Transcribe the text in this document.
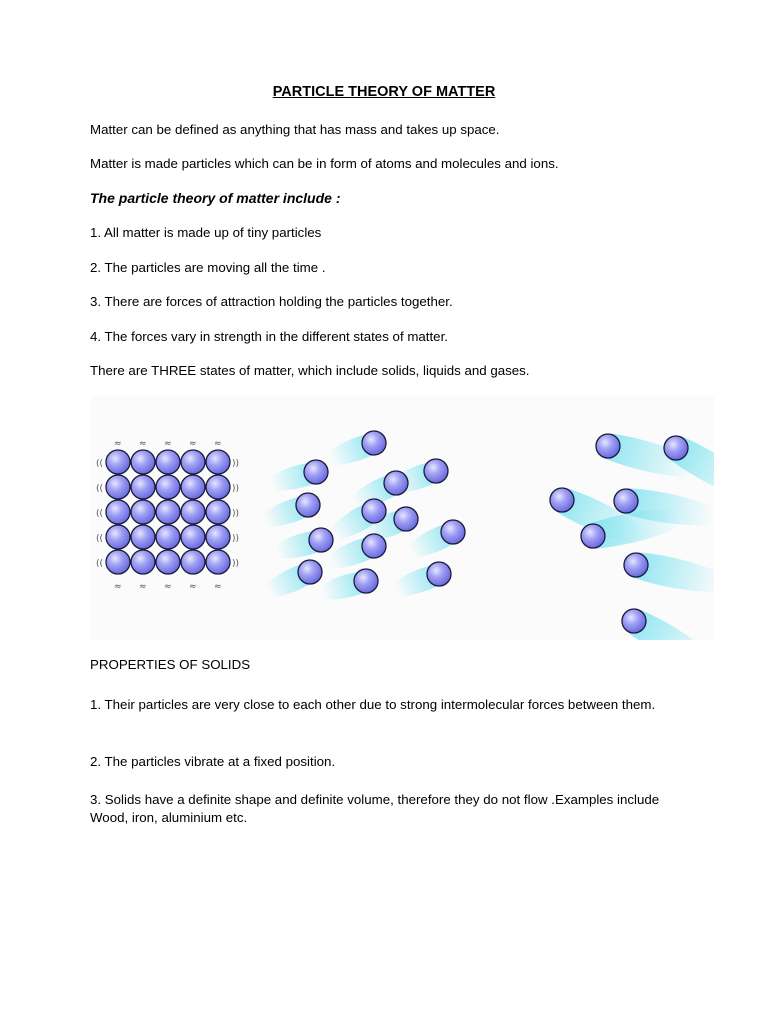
PARTICLE THEORY OF MATTER
Matter can be defined as anything that has mass and takes up space.
Matter is made particles which can be in form of atoms and molecules and ions.
The particle theory of matter include :
1. All matter is made up of tiny particles
2. The particles are moving all the time .
3. There are forces of attraction holding the particles together.
4. The forces vary in strength in the different states of matter.
There are THREE states of matter, which include solids, liquids and gases.
≈
≈
((	))
≈
≈
((	))
≈
≈
((	))
≈
≈
((	))
≈
≈
((	))
PROPERTIES OF SOLIDS
1. Their particles are very close to each other due to strong intermolecular forces between them.
2. The particles vibrate at a fixed position.
3. Solids have a definite shape and definite volume, therefore they do not flow .Examples include Wood, iron, aluminium etc.
